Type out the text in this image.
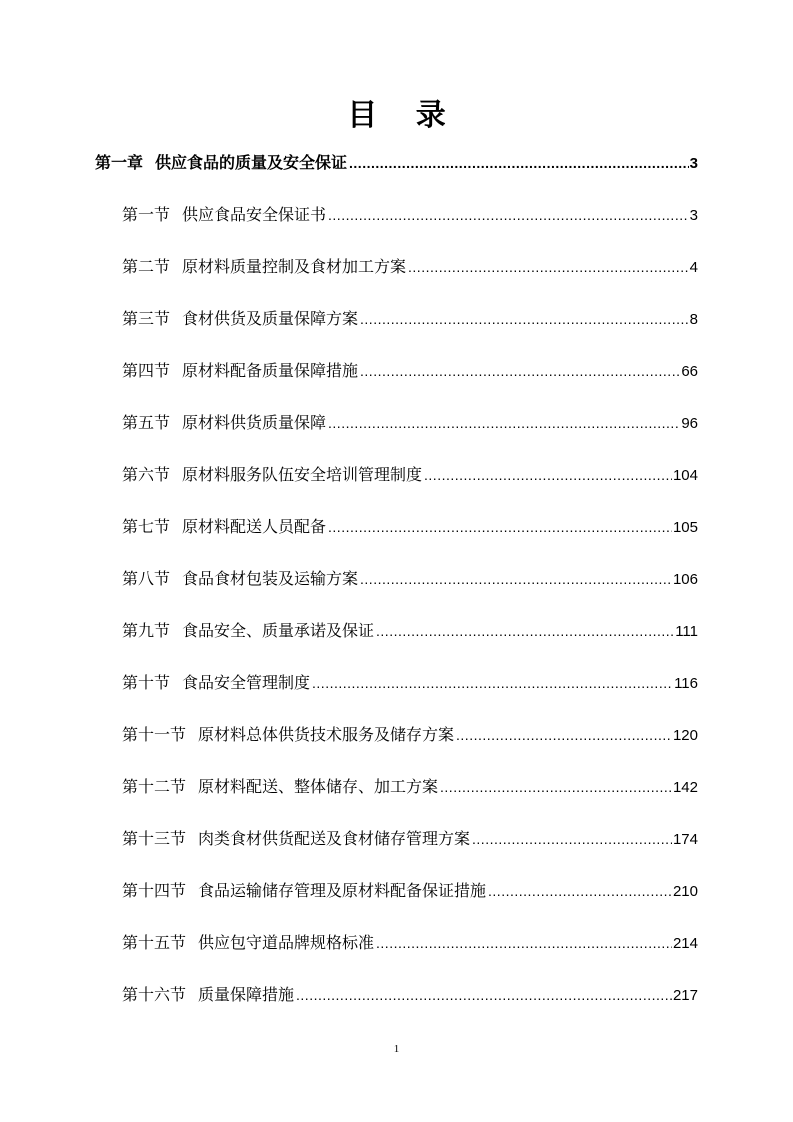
目 录
第一章 供应食品的质量及安全保证 .....	3
第一节 供应食品安全保证书 .....	3
第二节 原材料质量控制及食材加工方案 .....	4
第三节 食材供货及质量保障方案 .....	8
第四节 原材料配备质量保障措施 .....	66
第五节 原材料供货质量保障 .....	96
第六节 原材料服务队伍安全培训管理制度 .....	104
第七节 原材料配送人员配备 .....	105
第八节 食品食材包装及运输方案 .....	106
第九节 食品安全、质量承诺及保证 .....	111
第十节 食品安全管理制度 .....	116
第十一节 原材料总体供货技术服务及储存方案 .....	120
第十二节 原材料配送、整体储存、加工方案 .....	142
第十三节 肉类食材供货配送及食材储存管理方案 .....	174
第十四节 食品运输储存管理及原材料配备保证措施 .....	210
第十五节 供应包守道品牌规格标准 .....	214
第十六节 质量保障措施 .....	217
1
